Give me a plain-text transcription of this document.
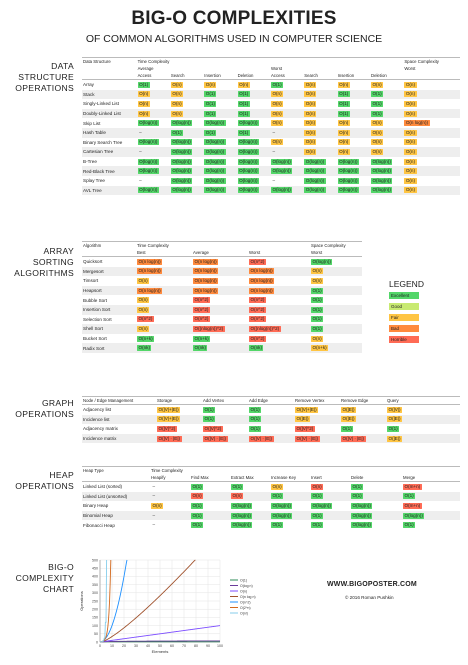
BIG-O COMPLEXITIES
OF COMMON ALGORITHMS USED IN COMPUTER SCIENCE
DATA
STRUCTURE
OPERATIONS
ARRAY
SORTING
ALGORITHMS
GRAPH
OPERATIONS
HEAP
OPERATIONS
BIG-O
COMPLEXITY
CHART
Data Structure	Time Complexity								Space Complexity
	Average				Worst				Worst
	Access	Search	Insertion	Deletion	Access	Search	Insertion	Deletion	
Array	O(1)	O(n)	O(n)	O(n)	O(1)	O(n)	O(n)	O(n)	O(n)
Stack	O(n)	O(n)	O(1)	O(1)	O(n)	O(n)	O(1)	O(1)	O(n)
Singly-Linked List	O(n)	O(n)	O(1)	O(1)	O(n)	O(n)	O(1)	O(1)	O(n)
Doubly-Linked List	O(n)	O(n)	O(1)	O(1)	O(n)	O(n)	O(1)	O(1)	O(n)
Skip List	O(log(n))	O(log(n))	O(log(n))	O(log(n))	O(n)	O(n)	O(n)	O(n)	O(n log(n))
Hash Table	–	O(1)	O(1)	O(1)	–	O(n)	O(n)	O(n)	O(n)
Binary Search Tree	O(log(n))	O(log(n))	O(log(n))	O(log(n))	O(n)	O(n)	O(n)	O(n)	O(n)
Cartesian Tree	–	O(log(n))	O(log(n))	O(log(n))	–	O(n)	O(n)	O(n)	O(n)
B-Tree	O(log(n))	O(log(n))	O(log(n))	O(log(n))	O(log(n))	O(log(n))	O(log(n))	O(log(n))	O(n)
Red-Black Tree	O(log(n))	O(log(n))	O(log(n))	O(log(n))	O(log(n))	O(log(n))	O(log(n))	O(log(n))	O(n)
Splay Tree	–	O(log(n))	O(log(n))	O(log(n))	–	O(log(n))	O(log(n))	O(log(n))	O(n)
AVL Tree	O(log(n))	O(log(n))	O(log(n))	O(log(n))	O(log(n))	O(log(n))	O(log(n))	O(log(n))	O(n)
Algorithm	Time Complexity			Space Complexity
	Best	Average	Worst	Worst
Quicksort	O(n log(n))	O(n log(n))	O(n^2)	O(log(n))
Mergesort	O(n log(n))	O(n log(n))	O(n log(n))	O(n)
Timsort	O(n)	O(n log(n))	O(n log(n))	O(n)
Heapsort	O(n log(n))	O(n log(n))	O(n log(n))	O(1)
Bubble Sort	O(n)	O(n^2)	O(n^2)	O(1)
Insertion Sort	O(n)	O(n^2)	O(n^2)	O(1)
Selection Sort	O(n^2)	O(n^2)	O(n^2)	O(1)
Shell Sort	O(n)	O((nlog(n))^2)	O((nlog(n))^2)	O(1)
Bucket Sort	O(n+k)	O(n+k)	O(n^2)	O(n)
Radix Sort	O(nk)	O(nk)	O(nk)	O(n+k)
Node / Edge Management	Storage	Add Vertex	Add Edge	Remove Vertex	Remove Edge	Query
Adjacency list	O(|V|+|E|)	O(1)	O(1)	O(|V|+|E|)	O(|E|)	O(|V|)
Incidence list	O(|V|+|E|)	O(1)	O(1)	O(|E|)	O(|E|)	O(|E|)
Adjacency matrix	O(|V|^2)	O(|V|^2)	O(1)	O(|V|^2)	O(1)	O(1)
Incidence matrix	O(|V| ⋅ |E|)	O(|V| ⋅ |E|)	O(|V| ⋅ |E|)	O(|V| ⋅ |E|)	O(|V| ⋅ |E|)	O(|E|)
Heap Type	Time Complexity						
	Heapify	Find Max	Extract Max	Increase Key	Insert	Delete	Merge
Linked List (sorted)	–	O(1)	O(1)	O(n)	O(n)	O(1)	O(m+n)
Linked List (unsorted)	–	O(n)	O(n)	O(1)	O(1)	O(1)	O(1)
Binary Heap	O(n)	O(1)	O(log(n))	O(log(n))	O(log(n))	O(log(n))	O(m+n)
Binomial Heap	–	O(1)	O(log(n))	O(log(n))	O(1)	O(log(n))	O(log(n))
Fibonacci Heap	–	O(1)	O(log(n))	O(1)	O(1)	O(log(n))	O(1)
LEGEND
Excellent
Good
Fair
Bad
Horrible
0
50
100
150
200
250
300
350
400
450
500
0	10 20 30 40 50 60 70 80 90 100
Elements
Operations
O(1)
O(log n)
O(n)
O(n log n)
O(n^2)
O(2^n)
O(n!)
WWW.BIGOPOSTER.COM
© 2016 Roman Pushkin
